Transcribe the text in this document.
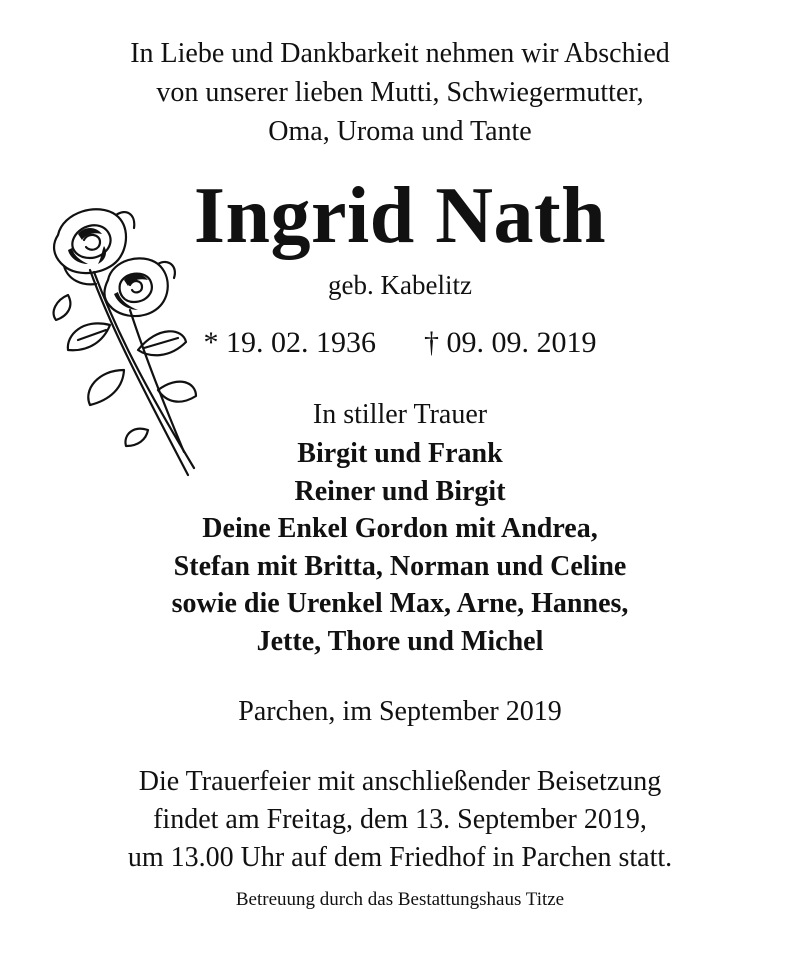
In Liebe und Dankbarkeit nehmen wir Abschied
von unserer lieben Mutti, Schwiegermutter,
Oma, Uroma und Tante
Ingrid Nath
geb. Kabelitz
* 19. 02. 1936 † 09. 09. 2019
In stiller Trauer
Birgit und Frank
Reiner und Birgit
Deine Enkel Gordon mit Andrea,
Stefan mit Britta, Norman und Celine
sowie die Urenkel Max, Arne, Hannes,
Jette, Thore und Michel
Parchen, im September 2019
Die Trauerfeier mit anschließender Beisetzung
findet am Freitag, dem 13. September 2019,
um 13.00 Uhr auf dem Friedhof in Parchen statt.
Betreuung durch das Bestattungshaus Titze
